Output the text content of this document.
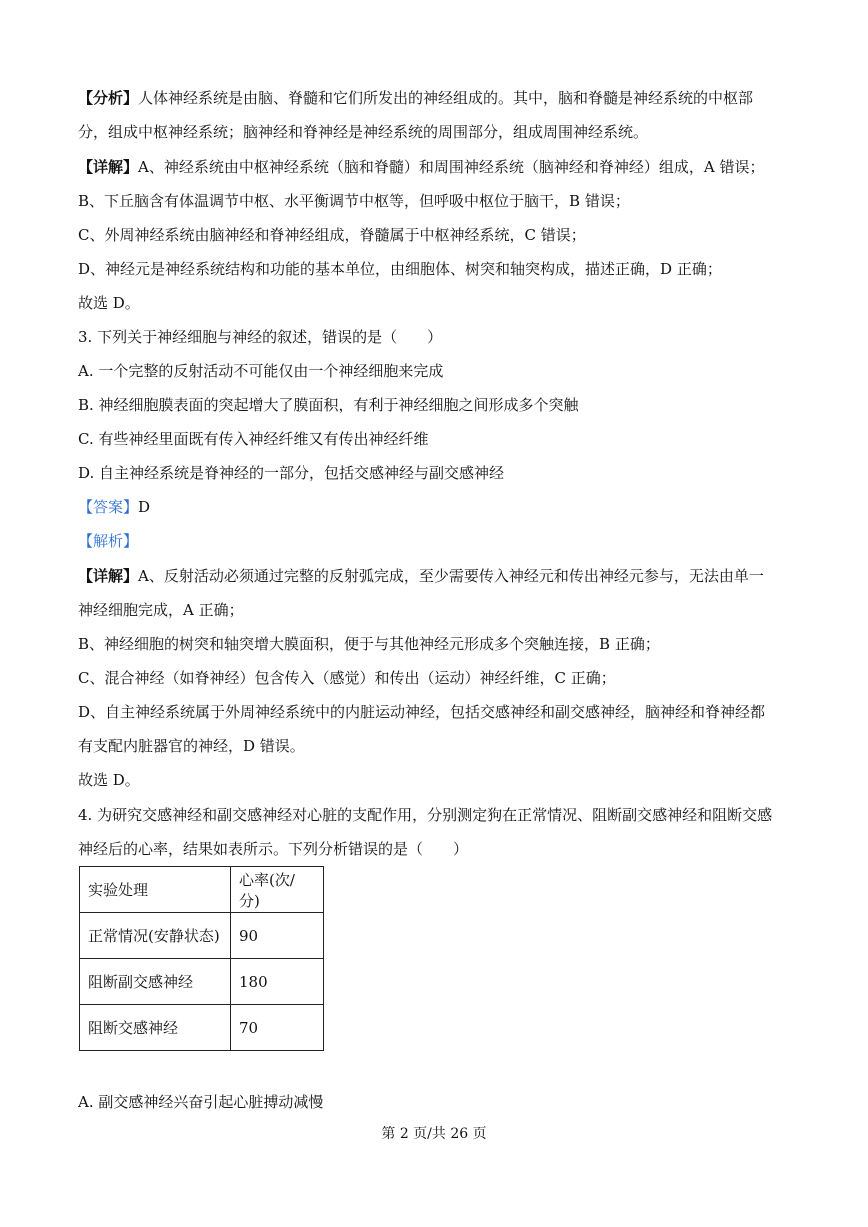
【分析】人体神经系统是由脑、脊髓和它们所发出的神经组成的。其中，脑和脊髓是神经系统的中枢部
分，组成中枢神经系统；脑神经和脊神经是神经系统的周围部分，组成周围神经系统。
【详解】A、神经系统由中枢神经系统（脑和脊髓）和周围神经系统（脑神经和脊神经）组成，A 错误；
B、下丘脑含有体温调节中枢、水平衡调节中枢等，但呼吸中枢位于脑干，B 错误；
C、外周神经系统由脑神经和脊神经组成，脊髓属于中枢神经系统，C 错误；
D、神经元是神经系统结构和功能的基本单位，由细胞体、树突和轴突构成，描述正确，D 正确；
故选 D。
3. 下列关于神经细胞与神经的叙述，错误的是（　　）
A. 一个完整的反射活动不可能仅由一个神经细胞来完成
B. 神经细胞膜表面的突起增大了膜面积，有利于神经细胞之间形成多个突触
C. 有些神经里面既有传入神经纤维又有传出神经纤维
D. 自主神经系统是脊神经的一部分，包括交感神经与副交感神经
【答案】D
【解析】
【详解】A、反射活动必须通过完整的反射弧完成，至少需要传入神经元和传出神经元参与，无法由单一
神经细胞完成，A 正确；
B、神经细胞的树突和轴突增大膜面积，便于与其他神经元形成多个突触连接，B 正确；
C、混合神经（如脊神经）包含传入（感觉）和传出（运动）神经纤维，C 正确；
D、自主神经系统属于外周神经系统中的内脏运动神经，包括交感神经和副交感神经，脑神经和脊神经都
有支配内脏器官的神经，D 错误。
故选 D。
4. 为研究交感神经和副交感神经对心脏的支配作用，分别测定狗在正常情况、阻断副交感神经和阻断交感
神经后的心率，结果如表所示。下列分析错误的是（　　）
实验处理	心率(次/分)
正常情况(安静状态)	90
阻断副交感神经	180
阻断交感神经	70
A. 副交感神经兴奋引起心脏搏动减慢
第 2 页/共 26 页
